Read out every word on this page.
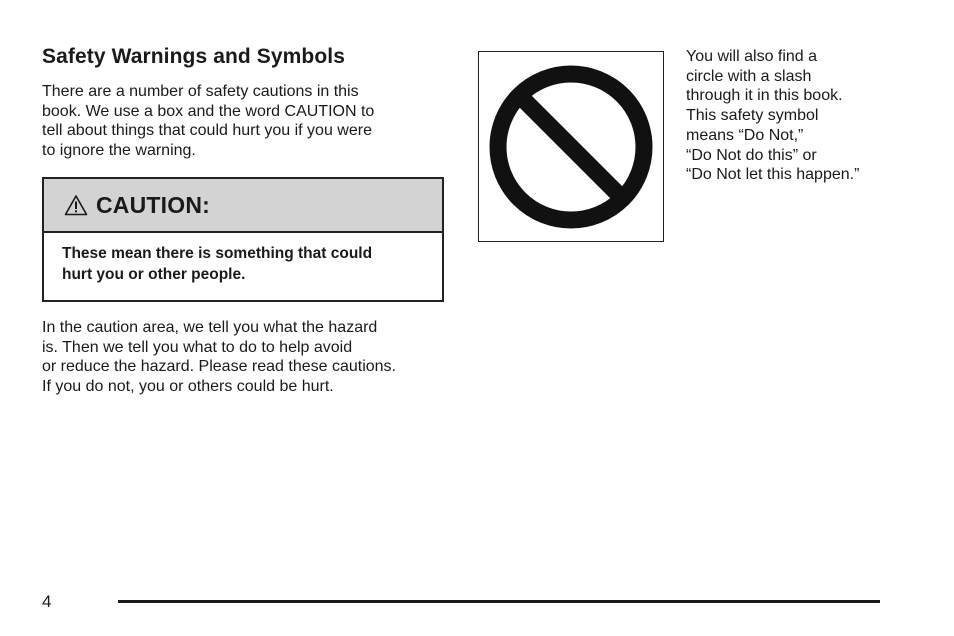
Safety Warnings and Symbols

There are a number of safety cautions in this
book. We use a box and the word CAUTION to
tell about things that could hurt you if you were
to ignore the warning.

CAUTION:
These mean there is something that could
hurt you or other people.

In the caution area, we tell you what the hazard
is. Then we tell you what to do to help avoid
or reduce the hazard. Please read these cautions.
If you do not, you or others could be hurt.

You will also find a
circle with a slash
through it in this book.
This safety symbol
means “Do Not,”
“Do Not do this” or
“Do Not let this happen.”

4
